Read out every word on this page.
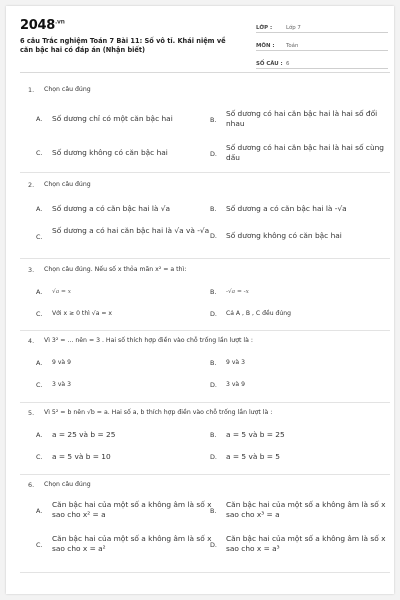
$2048^{.vn}$
6 câu Trắc nghiệm Toán 7 Bài 11: Số vô tỉ. Khái niệm về căn bậc hai có đáp án (Nhận biết)
LỚP :	Lớp 7
MÔN :	Toán
SỐ CÂU : 6
1. Chọn câu đúng
A. Số dương chỉ có một căn bậc hai	B.
Số dương có hai căn bậc hai là hai số đối nhau
C. Số dương không có căn bậc hai	D.
Số dương có hai căn bậc hai là hai số cùng dấu
2. Chọn câu đúng
A. Số dương a có căn bậc hai là √a	B. Số dương a có căn bậc hai là -√a
C.
Số dương a có hai căn bậc hai là √a và -√a
D. Số dương không có căn bậc hai
3. Chọn câu đúng. Nếu số x thỏa mãn x² = a thì:
A. √a = x	B. -√a = -x
C. Với x ≥ 0 thì √a = x	D. Cả A , B , C đều đúng
4. Vì 3² = ... nên = 3 . Hai số thích hợp điền vào chỗ trống lần lượt là :
A. 9 và 9	B. 9 và 3
C. 3 và 3	D. 3 và 9
5. Vì 5² = b nên √b = a. Hai số a, b thích hợp điền vào chỗ trống lần lượt là :
A. a = 25 và b = 25	B. a = 5 và b = 25
C. a = 5 và b = 10	D. a = 5 và b = 5
6. Chọn câu đúng
A.
Căn bậc hai của một số a không âm là số x sao cho x² = a	B.
Căn bậc hai của một số a không âm là số x sao cho x³ = a
C.
Căn bậc hai của một số a không âm là số x sao cho x = a²	D.
Căn bậc hai của một số a không âm là số x sao cho x = a³
